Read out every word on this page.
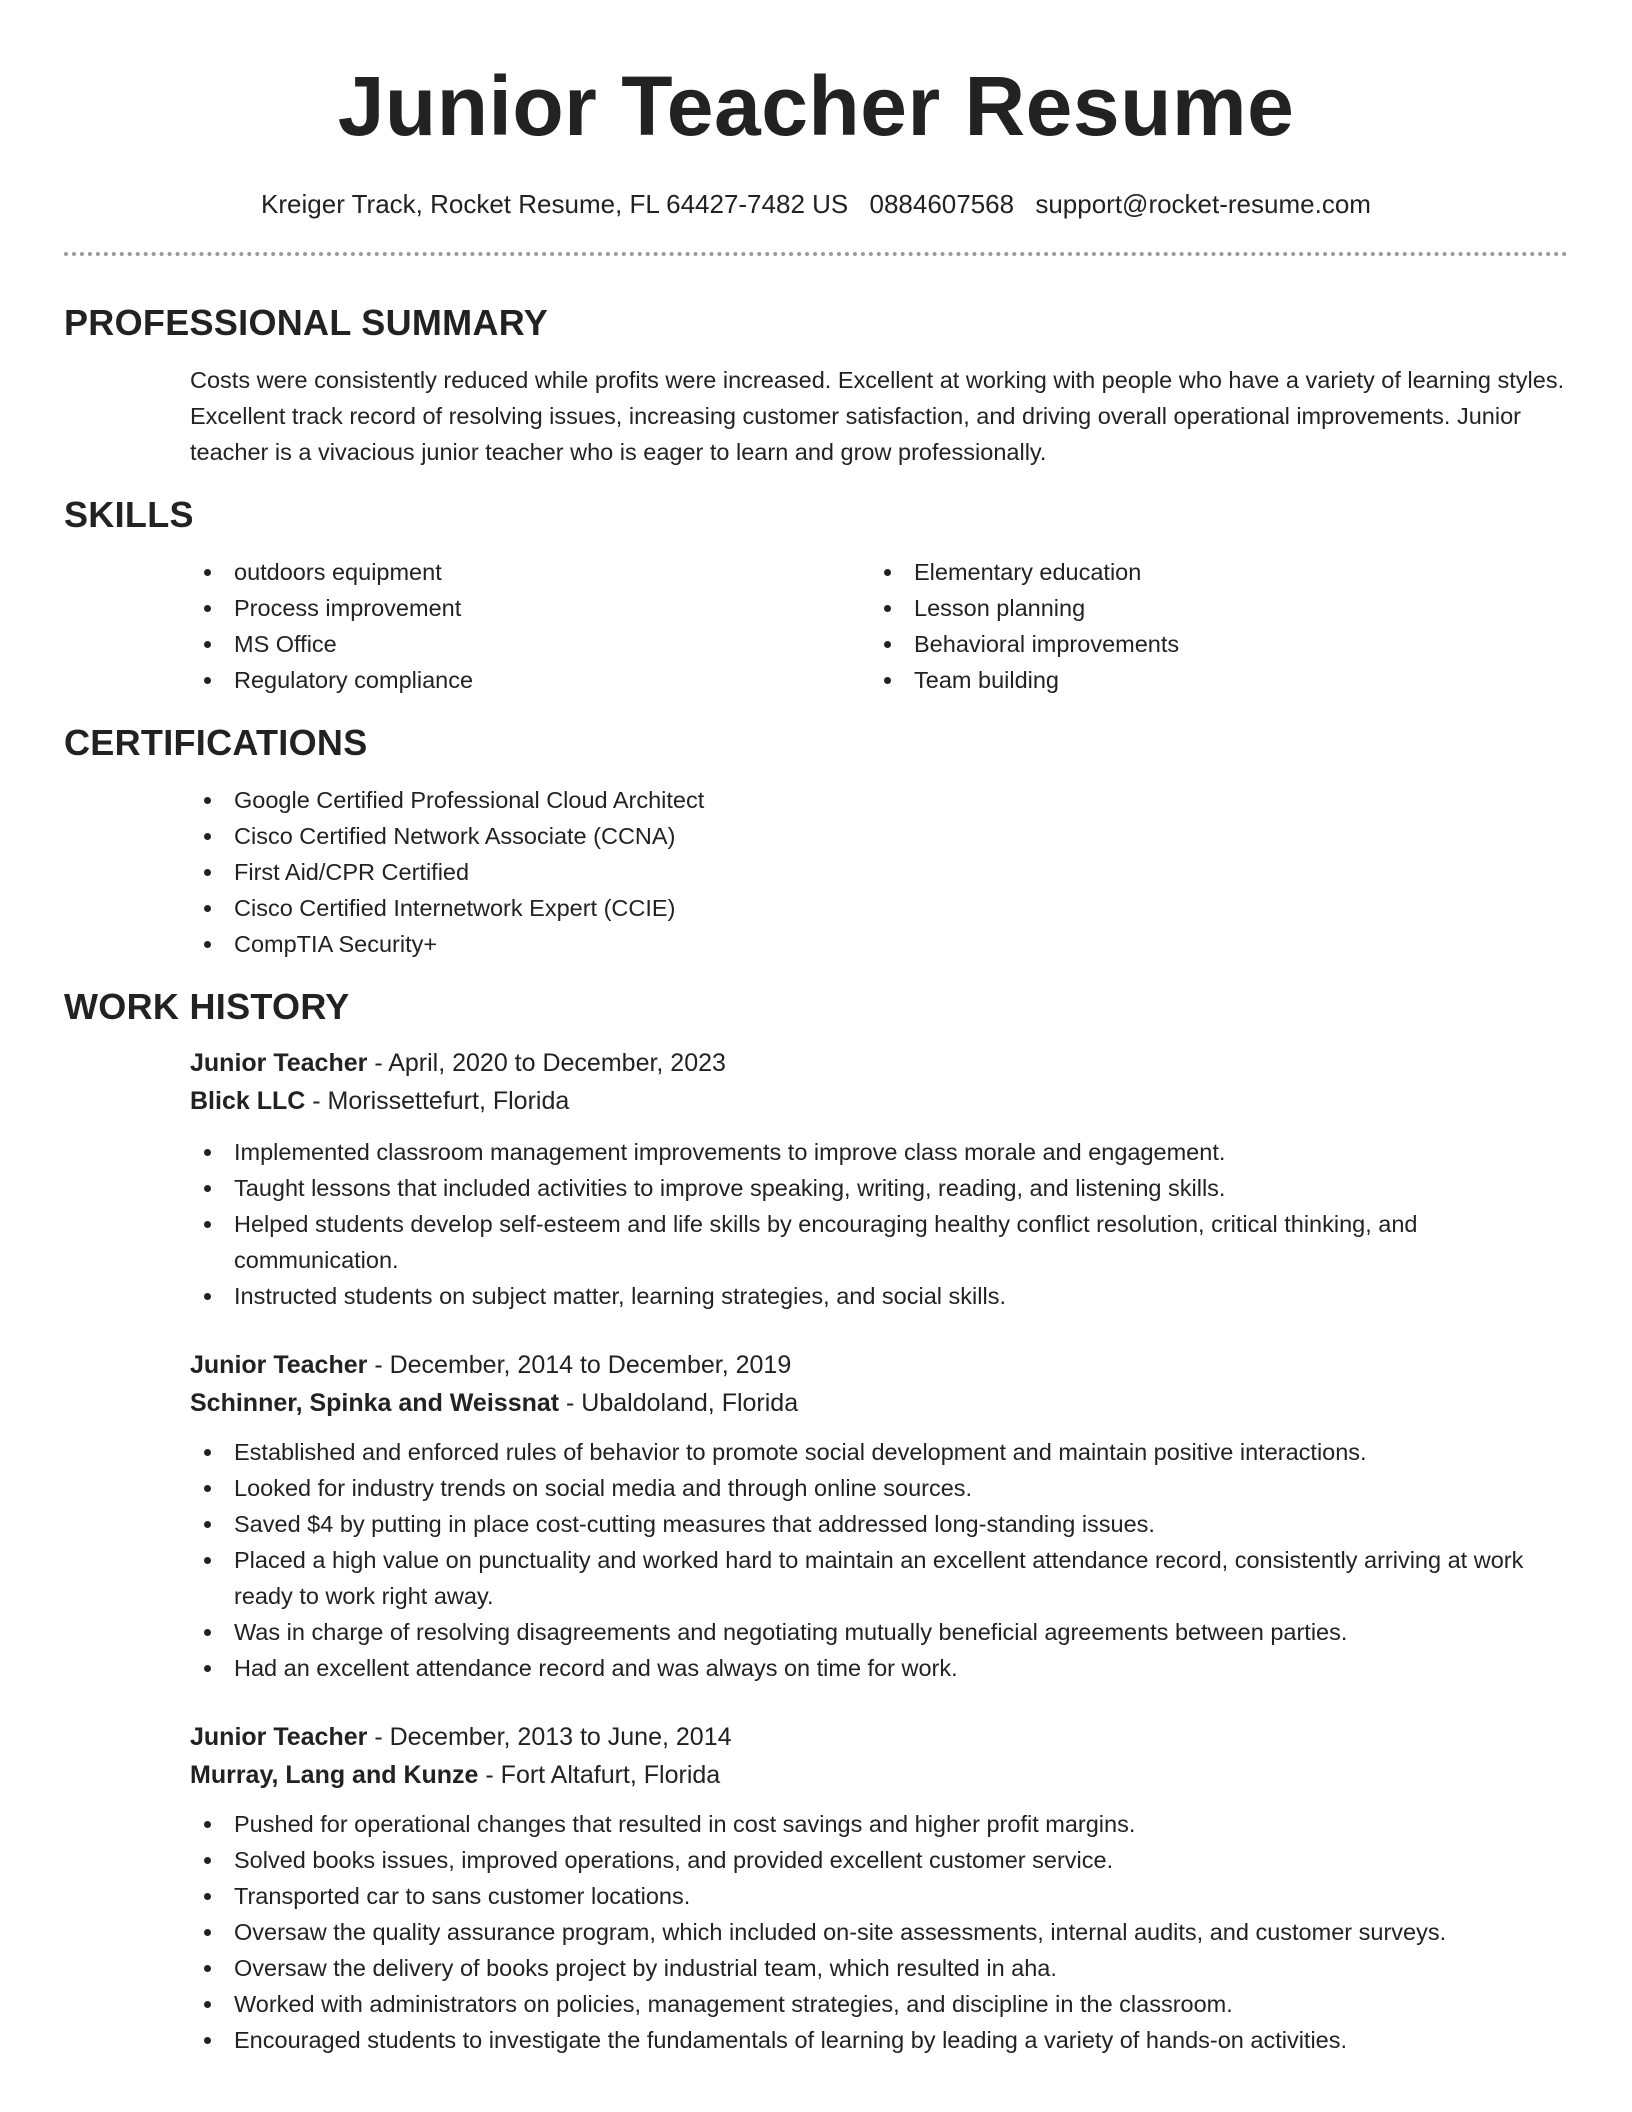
Junior Teacher Resume
Kreiger Track, Rocket Resume, FL 64427-7482 US 0884607568 support@rocket-resume.com
PROFESSIONAL SUMMARY

Costs were consistently reduced while profits were increased. Excellent at working with people who have a variety of learning styles. Excellent track record of resolving issues, increasing customer satisfaction, and driving overall operational improvements. Junior teacher is a vivacious junior teacher who is eager to learn and grow professionally.

SKILLS
outdoors equipment
Process improvement
MS Office
Regulatory compliance
Elementary education
Lesson planning
Behavioral improvements
Team building
CERTIFICATIONS
Google Certified Professional Cloud Architect
Cisco Certified Network Associate (CCNA)
First Aid/CPR Certified
Cisco Certified Internetwork Expert (CCIE)
CompTIA Security+
WORK HISTORY
Junior Teacher - April, 2020 to December, 2023
Blick LLC - Morissettefurt, Florida
Implemented classroom management improvements to improve class morale and engagement.
Taught lessons that included activities to improve speaking, writing, reading, and listening skills.
Helped students develop self-esteem and life skills by encouraging healthy conflict resolution, critical thinking, and communication.
Instructed students on subject matter, learning strategies, and social skills.
Junior Teacher - December, 2014 to December, 2019
Schinner, Spinka and Weissnat - Ubaldoland, Florida
Established and enforced rules of behavior to promote social development and maintain positive interactions.
Looked for industry trends on social media and through online sources.
Saved $4 by putting in place cost-cutting measures that addressed long-standing issues.
Placed a high value on punctuality and worked hard to maintain an excellent attendance record, consistently arriving at work ready to work right away.
Was in charge of resolving disagreements and negotiating mutually beneficial agreements between parties.
Had an excellent attendance record and was always on time for work.
Junior Teacher - December, 2013 to June, 2014
Murray, Lang and Kunze - Fort Altafurt, Florida
Pushed for operational changes that resulted in cost savings and higher profit margins.
Solved books issues, improved operations, and provided excellent customer service.
Transported car to sans customer locations.
Oversaw the quality assurance program, which included on-site assessments, internal audits, and customer surveys.
Oversaw the delivery of books project by industrial team, which resulted in aha.
Worked with administrators on policies, management strategies, and discipline in the classroom.
Encouraged students to investigate the fundamentals of learning by leading a variety of hands-on activities.
